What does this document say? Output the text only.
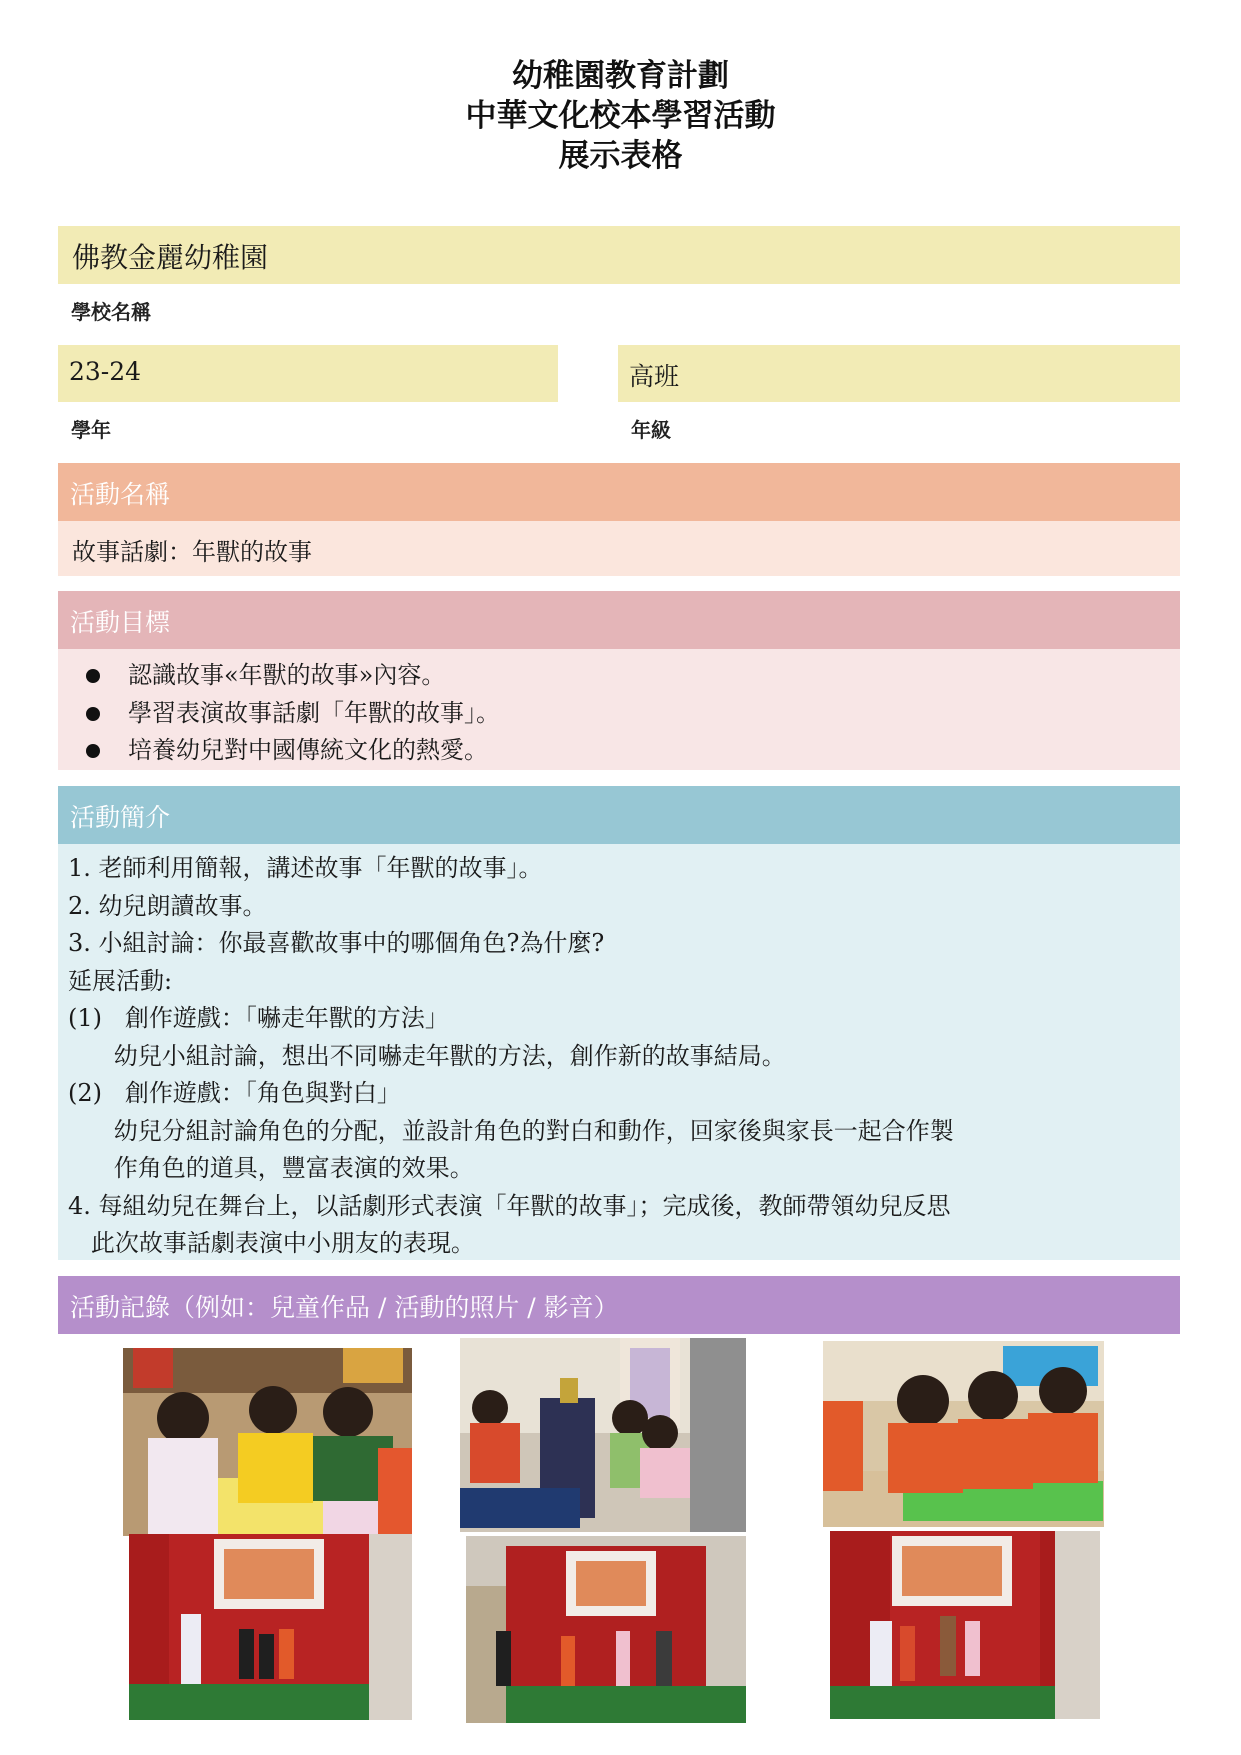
幼稚園教育計劃
中華文化校本學習活動
展示表格
佛教金麗幼稚園
學校名稱
23-24
學年
高班
年級
活動名稱
故事話劇：年獸的故事
活動目標
認識故事«年獸的故事»內容。
學習表演故事話劇「年獸的故事」。
培養幼兒對中國傳統文化的熱愛。
活動簡介
1. 老師利用簡報，講述故事「年獸的故事」。
2. 幼兒朗讀故事。
3. 小組討論：你最喜歡故事中的哪個角色?為什麼?
延展活動:
(1)   創作遊戲：「嚇走年獸的方法」
幼兒小組討論，想出不同嚇走年獸的方法，創作新的故事結局。
(2)   創作遊戲：「角色與對白」
幼兒分組討論角色的分配，並設計角色的對白和動作，回家後與家長一起合作製
作角色的道具，豐富表演的效果。
4. 每組幼兒在舞台上，以話劇形式表演「年獸的故事」；完成後，教師帶領幼兒反思
此次故事話劇表演中小朋友的表現。
活動記錄（例如：兒童作品 / 活動的照片 / 影音）
